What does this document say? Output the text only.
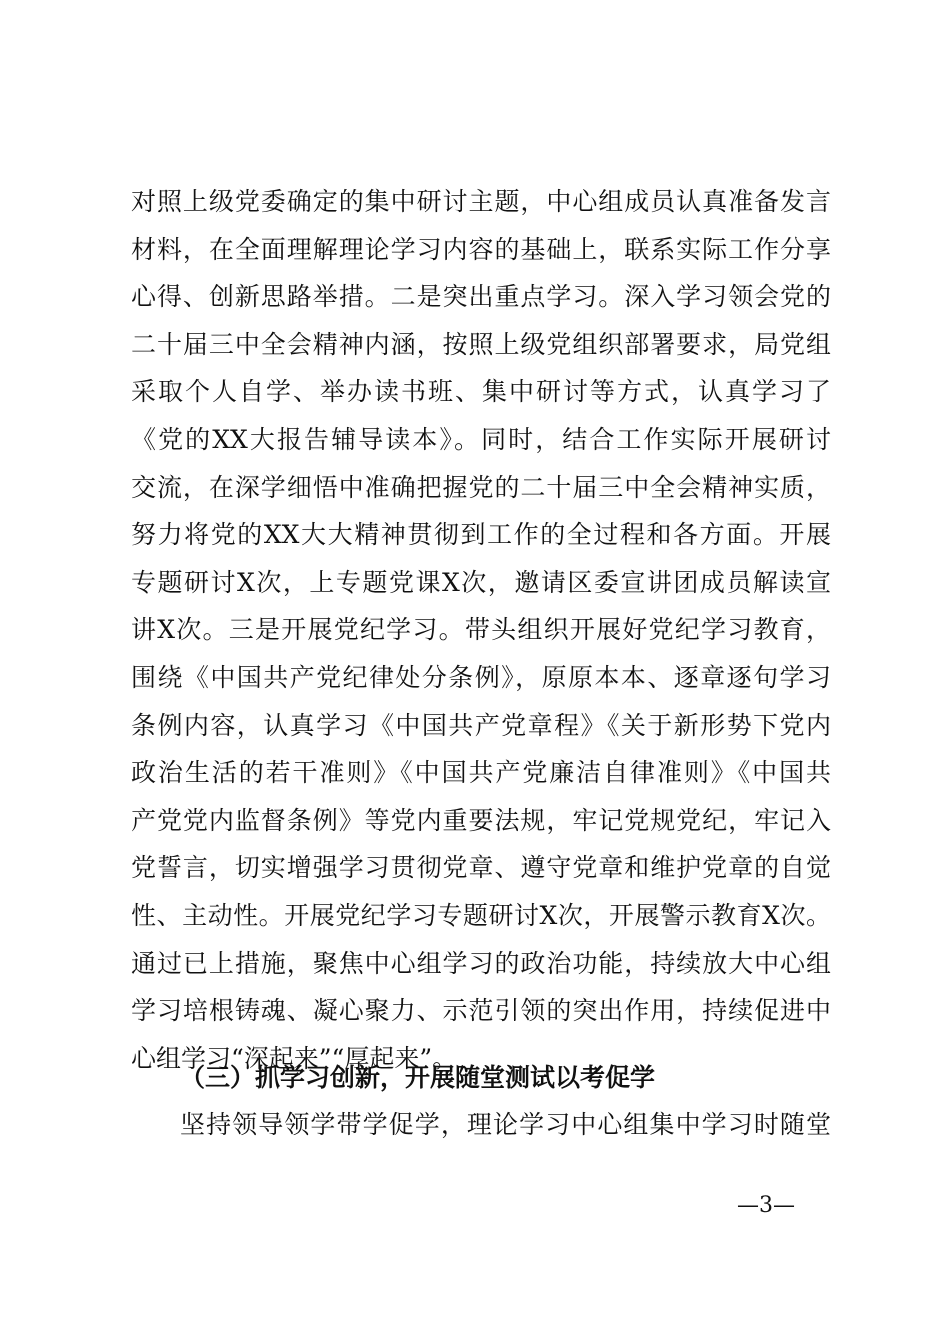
对照上级党委确定的集中研讨主题，中心组成员认真准备发言
材料，在全面理解理论学习内容的基础上，联系实际工作分享
心得、创新思路举措。二是突出重点学习。深入学习领会党的
二十届三中全会精神内涵，按照上级党组织部署要求，局党组
采取个人自学、举办读书班、集中研讨等方式，认真学习了
《党的XX大报告辅导读本》。同时，结合工作实际开展研讨
交流，在深学细悟中准确把握党的二十届三中全会精神实质，
努力将党的XX大大精神贯彻到工作的全过程和各方面。开展
专题研讨X次，上专题党课X次，邀请区委宣讲团成员解读宣
讲X次。三是开展党纪学习。带头组织开展好党纪学习教育，
围绕《中国共产党纪律处分条例》，原原本本、逐章逐句学习
条例内容，认真学习《中国共产党章程》《关于新形势下党内
政治生活的若干准则》《中国共产党廉洁自律准则》《中国共
产党党内监督条例》等党内重要法规，牢记党规党纪，牢记入
党誓言，切实增强学习贯彻党章、遵守党章和维护党章的自觉
性、主动性。开展党纪学习专题研讨X次，开展警示教育X次。
通过已上措施，聚焦中心组学习的政治功能，持续放大中心组
学习培根铸魂、凝心聚力、示范引领的突出作用，持续促进中
心组学习“深起来”“厚起来”。
（三）抓学习创新，开展随堂测试以考促学
坚持领导领学带学促学，理论学习中心组集中学习时随堂
—3—
